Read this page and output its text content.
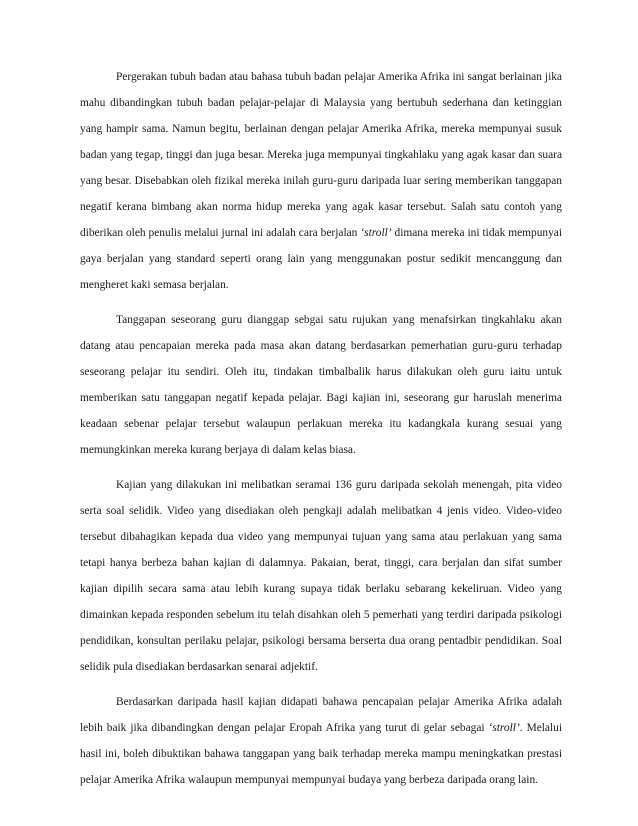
Pergerakan tubuh badan atau bahasa tubuh badan pelajar Amerika Afrika ini sangat berlainan jika mahu dibandingkan tubuh badan pelajar-pelajar di Malaysia yang bertubuh sederhana dan ketinggian yang hampir sama. Namun begitu, berlainan dengan pelajar Amerika Afrika, mereka mempunyai susuk badan yang tegap, tinggi dan juga besar. Mereka juga mempunyai tingkahlaku yang agak kasar dan suara yang besar. Disebabkan oleh fizikal mereka inilah guru-guru daripada luar sering memberikan tanggapan negatif kerana bimbang akan norma hidup mereka yang agak kasar tersebut. Salah satu contoh yang diberikan oleh penulis melalui jurnal ini adalah cara berjalan ‘stroll’ dimana mereka ini tidak mempunyai gaya berjalan yang standard seperti orang lain yang menggunakan postur sedikit mencanggung dan mengheret kaki semasa berjalan.

Tanggapan seseorang guru dianggap sebgai satu rujukan yang menafsirkan tingkahlaku akan datang atau pencapaian mereka pada masa akan datang berdasarkan pemerhatian guru-guru terhadap seseorang pelajar itu sendiri. Oleh itu, tindakan timbalbalik harus dilakukan oleh guru iaitu untuk memberikan satu tanggapan negatif kepada pelajar. Bagi kajian ini, seseorang gur haruslah menerima keadaan sebenar pelajar tersebut walaupun perlakuan mereka itu kadangkala kurang sesuai yang memungkinkan mereka kurang berjaya di dalam kelas biasa.

Kajian yang dilakukan ini melibatkan seramai 136 guru daripada sekolah menengah, pita video serta soal selidik. Video yang disediakan oleh pengkaji adalah melibatkan 4 jenis video. Video-video tersebut dibahagikan kepada dua video yang mempunyai tujuan yang sama atau perlakuan yang sama tetapi hanya berbeza bahan kajian di dalamnya. Pakaian, berat, tinggi, cara berjalan dan sifat sumber kajian dipilih secara sama atau lebih kurang supaya tidak berlaku sebarang kekeliruan. Video yang dimainkan kepada responden sebelum itu telah disahkan oleh 5 pemerhati yang terdiri daripada psikologi pendidikan, konsultan perilaku pelajar, psikologi bersama berserta dua orang pentadbir pendidikan. Soal selidik pula disediakan berdasarkan senarai adjektif.

Berdasarkan daripada hasil kajian didapati bahawa pencapaian pelajar Amerika Afrika adalah lebih baik jika dibandingkan dengan pelajar Eropah Afrika yang turut di gelar sebagai ‘stroll’. Melalui hasil ini, boleh dibuktikan bahawa tanggapan yang baik terhadap mereka mampu meningkatkan prestasi pelajar Amerika Afrika walaupun mempunyai mempunyai budaya yang berbeza daripada orang lain.
